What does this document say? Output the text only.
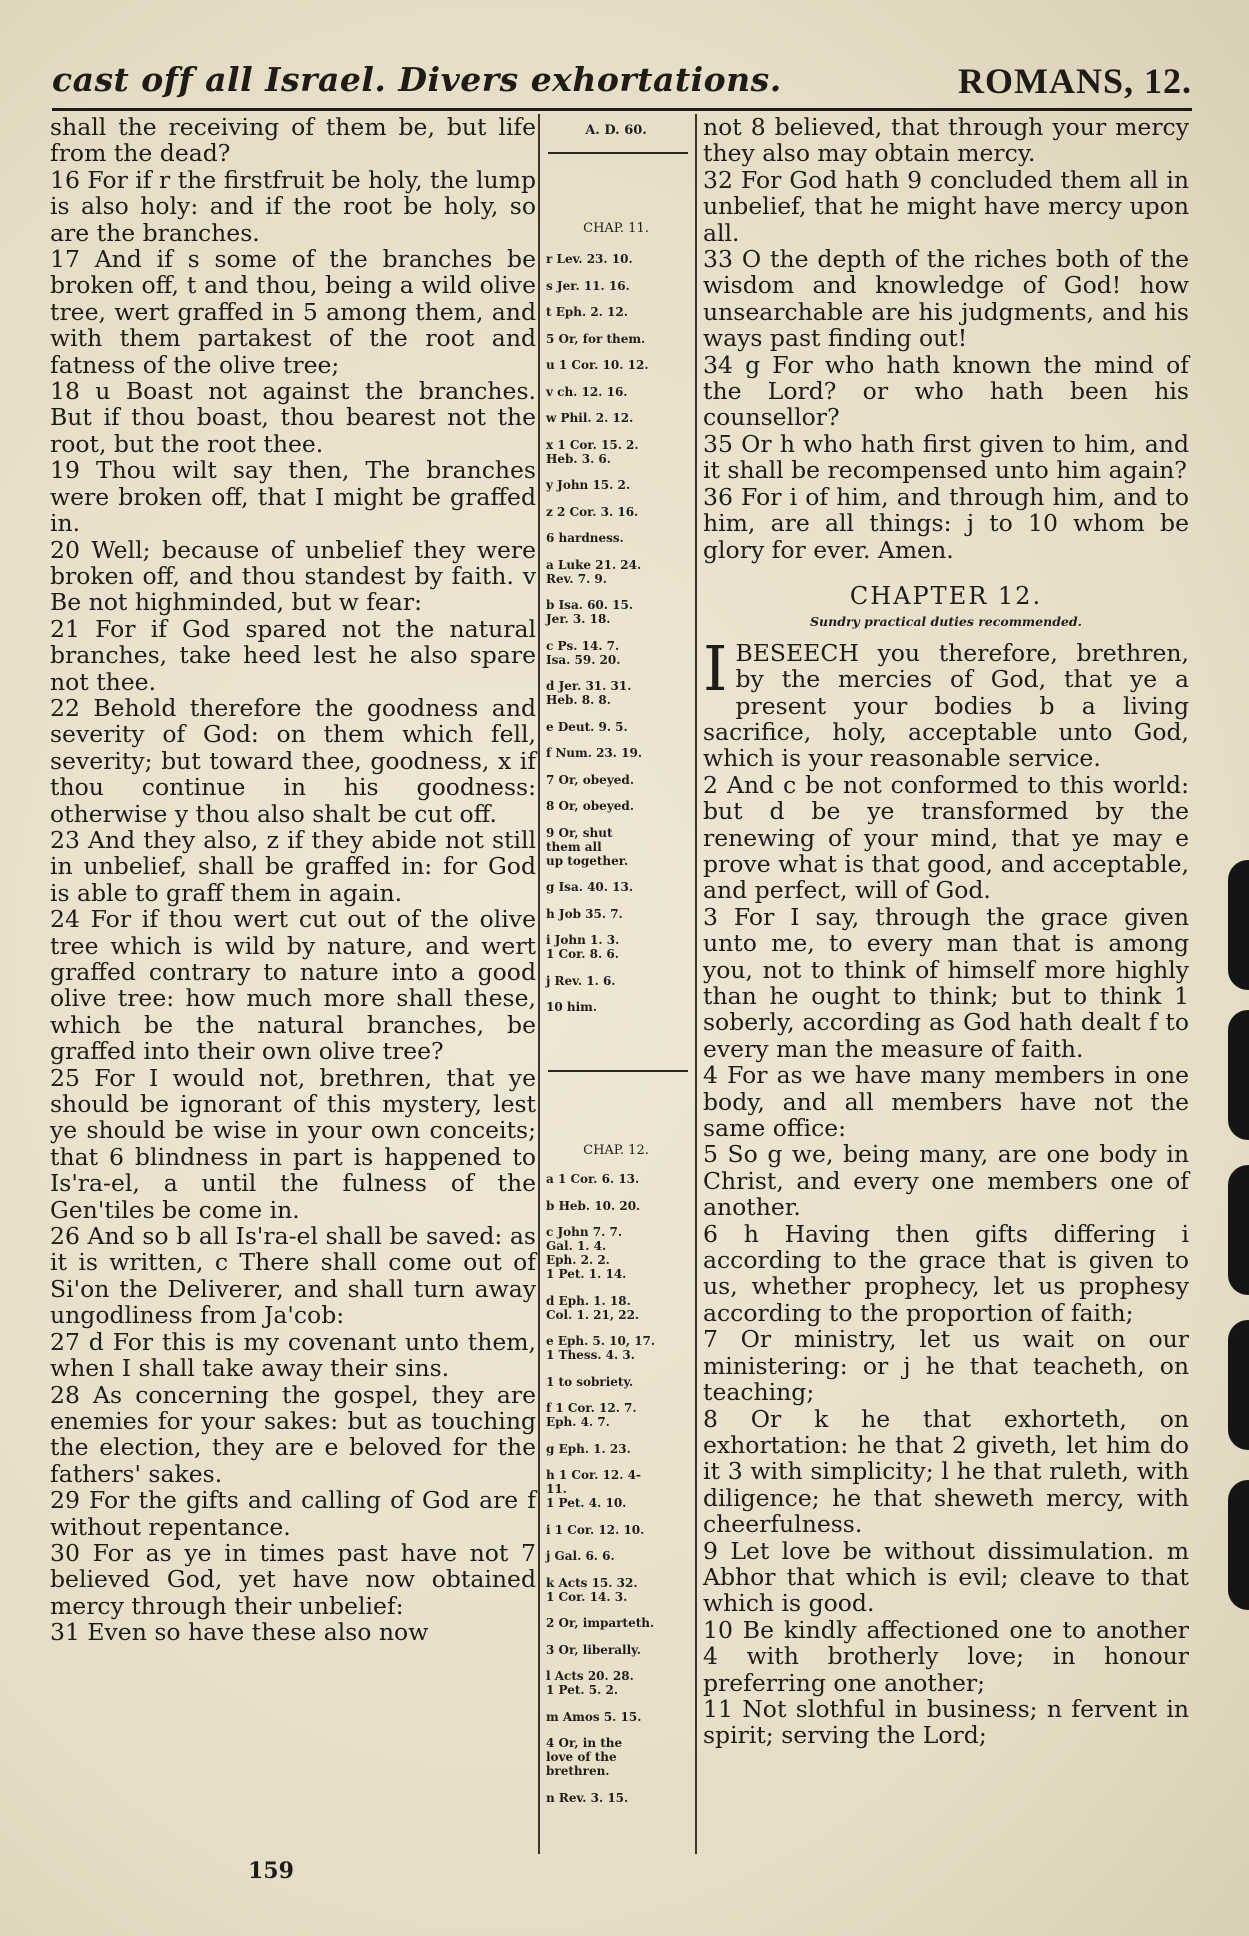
cast off all Israel. Divers exhortations.	ROMANS, 12.

shall the receiving of them be, but life from the dead?

16 For if r the firstfruit be holy, the lump is also holy: and if the root be holy, so are the branches.

17 And if s some of the branches be broken off, t and thou, being a wild olive tree, wert graffed in 5 among them, and with them partakest of the root and fatness of the olive tree;

18 u Boast not against the branches. But if thou boast, thou bearest not the root, but the root thee.

19 Thou wilt say then, The branches were broken off, that I might be graffed in.

20 Well; because of unbelief they were broken off, and thou standest by faith. v Be not highminded, but w fear:

21 For if God spared not the natural branches, take heed lest he also spare not thee.

22 Behold therefore the goodness and severity of God: on them which fell, severity; but toward thee, goodness, x if thou continue in his goodness: otherwise y thou also shalt be cut off.

23 And they also, z if they abide not still in unbelief, shall be graffed in: for God is able to graff them in again.

24 For if thou wert cut out of the olive tree which is wild by nature, and wert graffed contrary to nature into a good olive tree: how much more shall these, which be the natural branches, be graffed into their own olive tree?

25 For I would not, brethren, that ye should be ignorant of this mystery, lest ye should be wise in your own conceits; that 6 blindness in part is happened to Is'ra-el, a until the fulness of the Gen'tiles be come in.

26 And so b all Is'ra-el shall be saved: as it is written, c There shall come out of Si'on the Deliverer, and shall turn away ungodliness from Ja'cob:

27 d For this is my covenant unto them, when I shall take away their sins.

28 As concerning the gospel, they are enemies for your sakes: but as touching the election, they are e beloved for the fathers' sakes.

29 For the gifts and calling of God are f without repentance.

30 For as ye in times past have not 7 believed God, yet have now obtained mercy through their unbelief:

31 Even so have these also now

A. D. 60.
CHAP. 11.
r Lev. 23. 10.
s Jer. 11. 16.
t Eph. 2. 12.
5 Or, for them.
u 1 Cor. 10. 12.
v ch. 12. 16.
w Phil. 2. 12.
x 1 Cor. 15. 2.
Heb. 3. 6.
y John 15. 2.
z 2 Cor. 3. 16.
6 hardness.
a Luke 21. 24.
Rev. 7. 9.
b Isa. 60. 15.
Jer. 3. 18.
c Ps. 14. 7.
Isa. 59. 20.
d Jer. 31. 31.
Heb. 8. 8.
e Deut. 9. 5.
f Num. 23. 19.
7 Or, obeyed.
8 Or, obeyed.
9 Or, shut
them all
up together.
g Isa. 40. 13.
h Job 35. 7.
i John 1. 3.
1 Cor. 8. 6.
j Rev. 1. 6.
10 him.
CHAP. 12.
a 1 Cor. 6. 13.
b Heb. 10. 20.
c John 7. 7.
Gal. 1. 4.
Eph. 2. 2.
1 Pet. 1. 14.
d Eph. 1. 18.
Col. 1. 21, 22.
e Eph. 5. 10, 17.
1 Thess. 4. 3.
1 to sobriety.
f 1 Cor. 12. 7.
Eph. 4. 7.
g Eph. 1. 23.
h 1 Cor. 12. 4-
11.
1 Pet. 4. 10.
i 1 Cor. 12. 10.
j Gal. 6. 6.
k Acts 15. 32.
1 Cor. 14. 3.
2 Or, imparteth.
3 Or, liberally.
l Acts 20. 28.
1 Pet. 5. 2.
m Amos 5. 15.
4 Or, in the
love of the
brethren.
n Rev. 3. 15.

not 8 believed, that through your mercy they also may obtain mercy.

32 For God hath 9 concluded them all in unbelief, that he might have mercy upon all.

33 O the depth of the riches both of the wisdom and knowledge of God! how unsearchable are his judgments, and his ways past finding out!

34 g For who hath known the mind of the Lord? or who hath been his counsellor?

35 Or h who hath first given to him, and it shall be recompensed unto him again?

36 For i of him, and through him, and to him, are all things: j to 10 whom be glory for ever. Amen.

CHAPTER 12.
Sundry practical duties recommended.

IBESEECH you therefore, brethren, by the mercies of God, that ye a present your bodies b a living sacrifice, holy, acceptable unto God, which is your reasonable service.

2 And c be not conformed to this world: but d be ye transformed by the renewing of your mind, that ye may e prove what is that good, and acceptable, and perfect, will of God.

3 For I say, through the grace given unto me, to every man that is among you, not to think of himself more highly than he ought to think; but to think 1 soberly, according as God hath dealt f to every man the measure of faith.

4 For as we have many members in one body, and all members have not the same office:

5 So g we, being many, are one body in Christ, and every one members one of another.

6 h Having then gifts differing i according to the grace that is given to us, whether prophecy, let us prophesy according to the proportion of faith;

7 Or ministry, let us wait on our ministering: or j he that teacheth, on teaching;

8 Or k he that exhorteth, on exhortation: he that 2 giveth, let him do it 3 with simplicity; l he that ruleth, with diligence; he that sheweth mercy, with cheerfulness.

9 Let love be without dissimulation. m Abhor that which is evil; cleave to that which is good.

10 Be kindly affectioned one to another 4 with brotherly love; in honour preferring one another;

11 Not slothful in business; n fervent in spirit; serving the Lord;

159
